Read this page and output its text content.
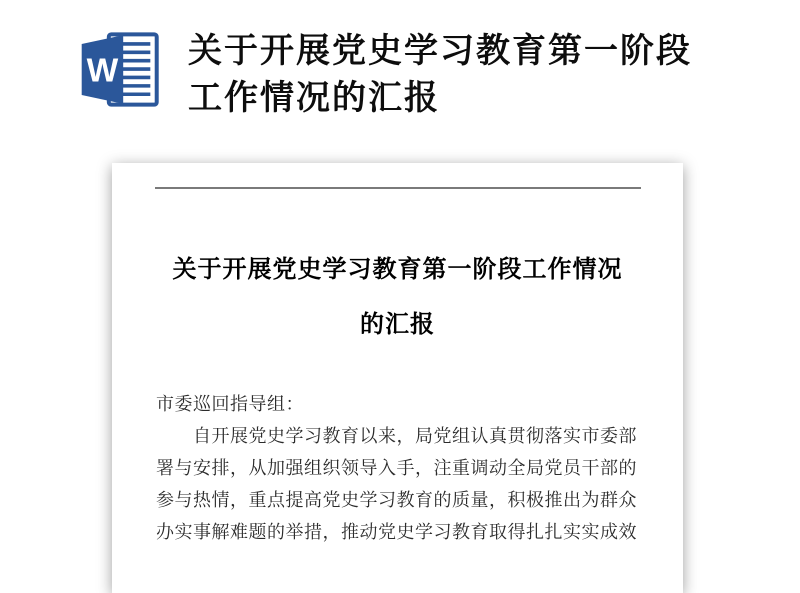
W
关于开展党史学习教育第一阶段
工作情况的汇报
关于开展党史学习教育第一阶段工作情况
的汇报

市委巡回指导组：

　　自开展党史学习教育以来，局党组认真贯彻落实市委部

署与安排，从加强组织领导入手，注重调动全局党员干部的

参与热情，重点提高党史学习教育的质量，积极推出为群众

办实事解难题的举措，推动党史学习教育取得扎扎实实成效
